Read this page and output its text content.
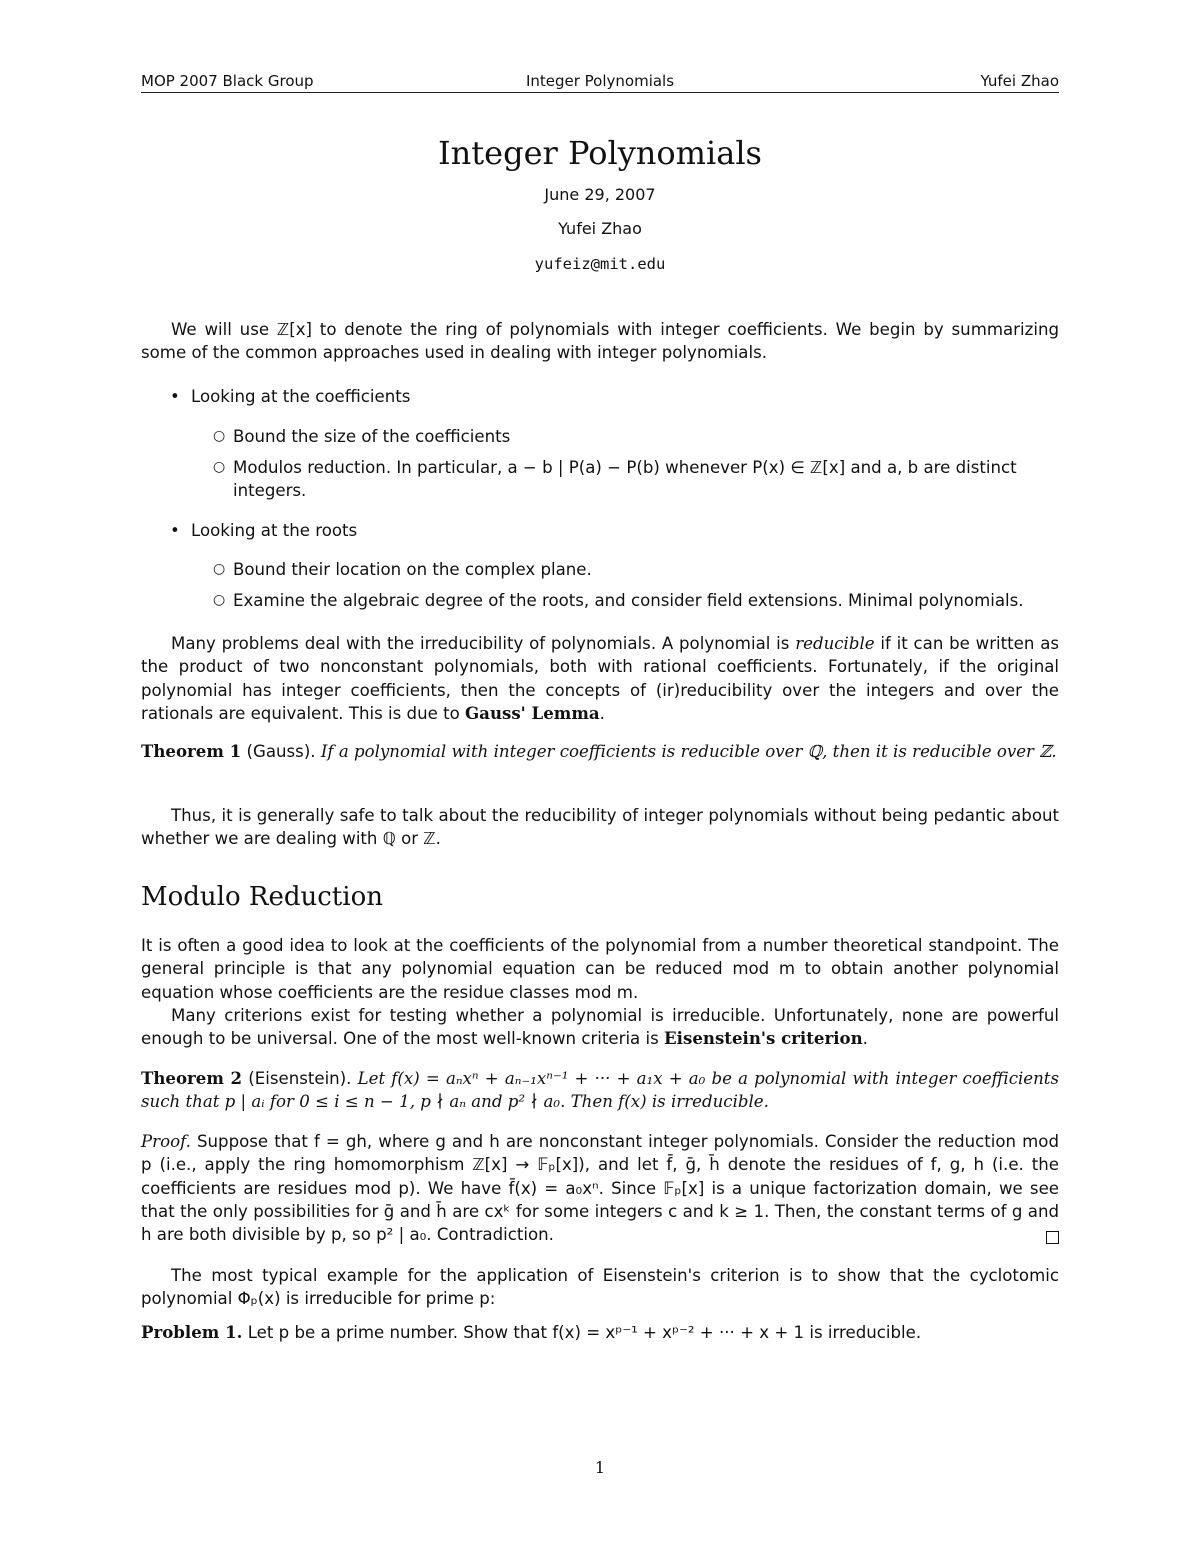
MOP 2007 Black Group	Integer Polynomials	Yufei Zhao
Integer Polynomials
June 29, 2007
Yufei Zhao
yufeiz@mit.edu

We will use ℤ[x] to denote the ring of polynomials with integer coefficients. We begin by summarizing some of the common approaches used in dealing with integer polynomials.

• Looking at the coefficients
○ Bound the size of the coefficients
○ Modulos reduction. In particular, a − b | P(a) − P(b) whenever P(x) ∈ ℤ[x] and a, b are distinct integers.
• Looking at the roots
○ Bound their location on the complex plane.
○ Examine the algebraic degree of the roots, and consider field extensions. Minimal polynomials.

Many problems deal with the irreducibility of polynomials. A polynomial is reducible if it can be written as the product of two nonconstant polynomials, both with rational coefficients. Fortunately, if the original polynomial has integer coefficients, then the concepts of (ir)reducibility over the integers and over the rationals are equivalent. This is due to Gauss' Lemma.

Theorem 1 (Gauss). If a polynomial with integer coefficients is reducible over ℚ, then it is reducible over ℤ.

Thus, it is generally safe to talk about the reducibility of integer polynomials without being pedantic about whether we are dealing with ℚ or ℤ.

Modulo Reduction

It is often a good idea to look at the coefficients of the polynomial from a number theoretical standpoint. The general principle is that any polynomial equation can be reduced mod m to obtain another polynomial equation whose coefficients are the residue classes mod m.

Many criterions exist for testing whether a polynomial is irreducible. Unfortunately, none are powerful enough to be universal. One of the most well-known criteria is Eisenstein's criterion.

Theorem 2 (Eisenstein). Let f(x) = aₙxⁿ + aₙ₋₁xⁿ⁻¹ + ··· + a₁x + a₀ be a polynomial with integer coefficients such that p | aᵢ for 0 ≤ i ≤ n − 1, p ∤ aₙ and p² ∤ a₀. Then f(x) is irreducible.

Proof. Suppose that f = gh, where g and h are nonconstant integer polynomials. Consider the reduction mod p (i.e., apply the ring homomorphism ℤ[x] → 𝔽ₚ[x]), and let f̄, ḡ, h̄ denote the residues of f, g, h (i.e. the coefficients are residues mod p). We have f̄(x) = a₀xⁿ. Since 𝔽ₚ[x] is a unique factorization domain, we see that the only possibilities for ḡ and h̄ are cxᵏ for some integers c and k ≥ 1. Then, the constant terms of g and h are both divisible by p, so p² | a₀. Contradiction.

The most typical example for the application of Eisenstein's criterion is to show that the cyclotomic polynomial Φₚ(x) is irreducible for prime p:

Problem 1. Let p be a prime number. Show that f(x) = xᵖ⁻¹ + xᵖ⁻² + ··· + x + 1 is irreducible.

1
